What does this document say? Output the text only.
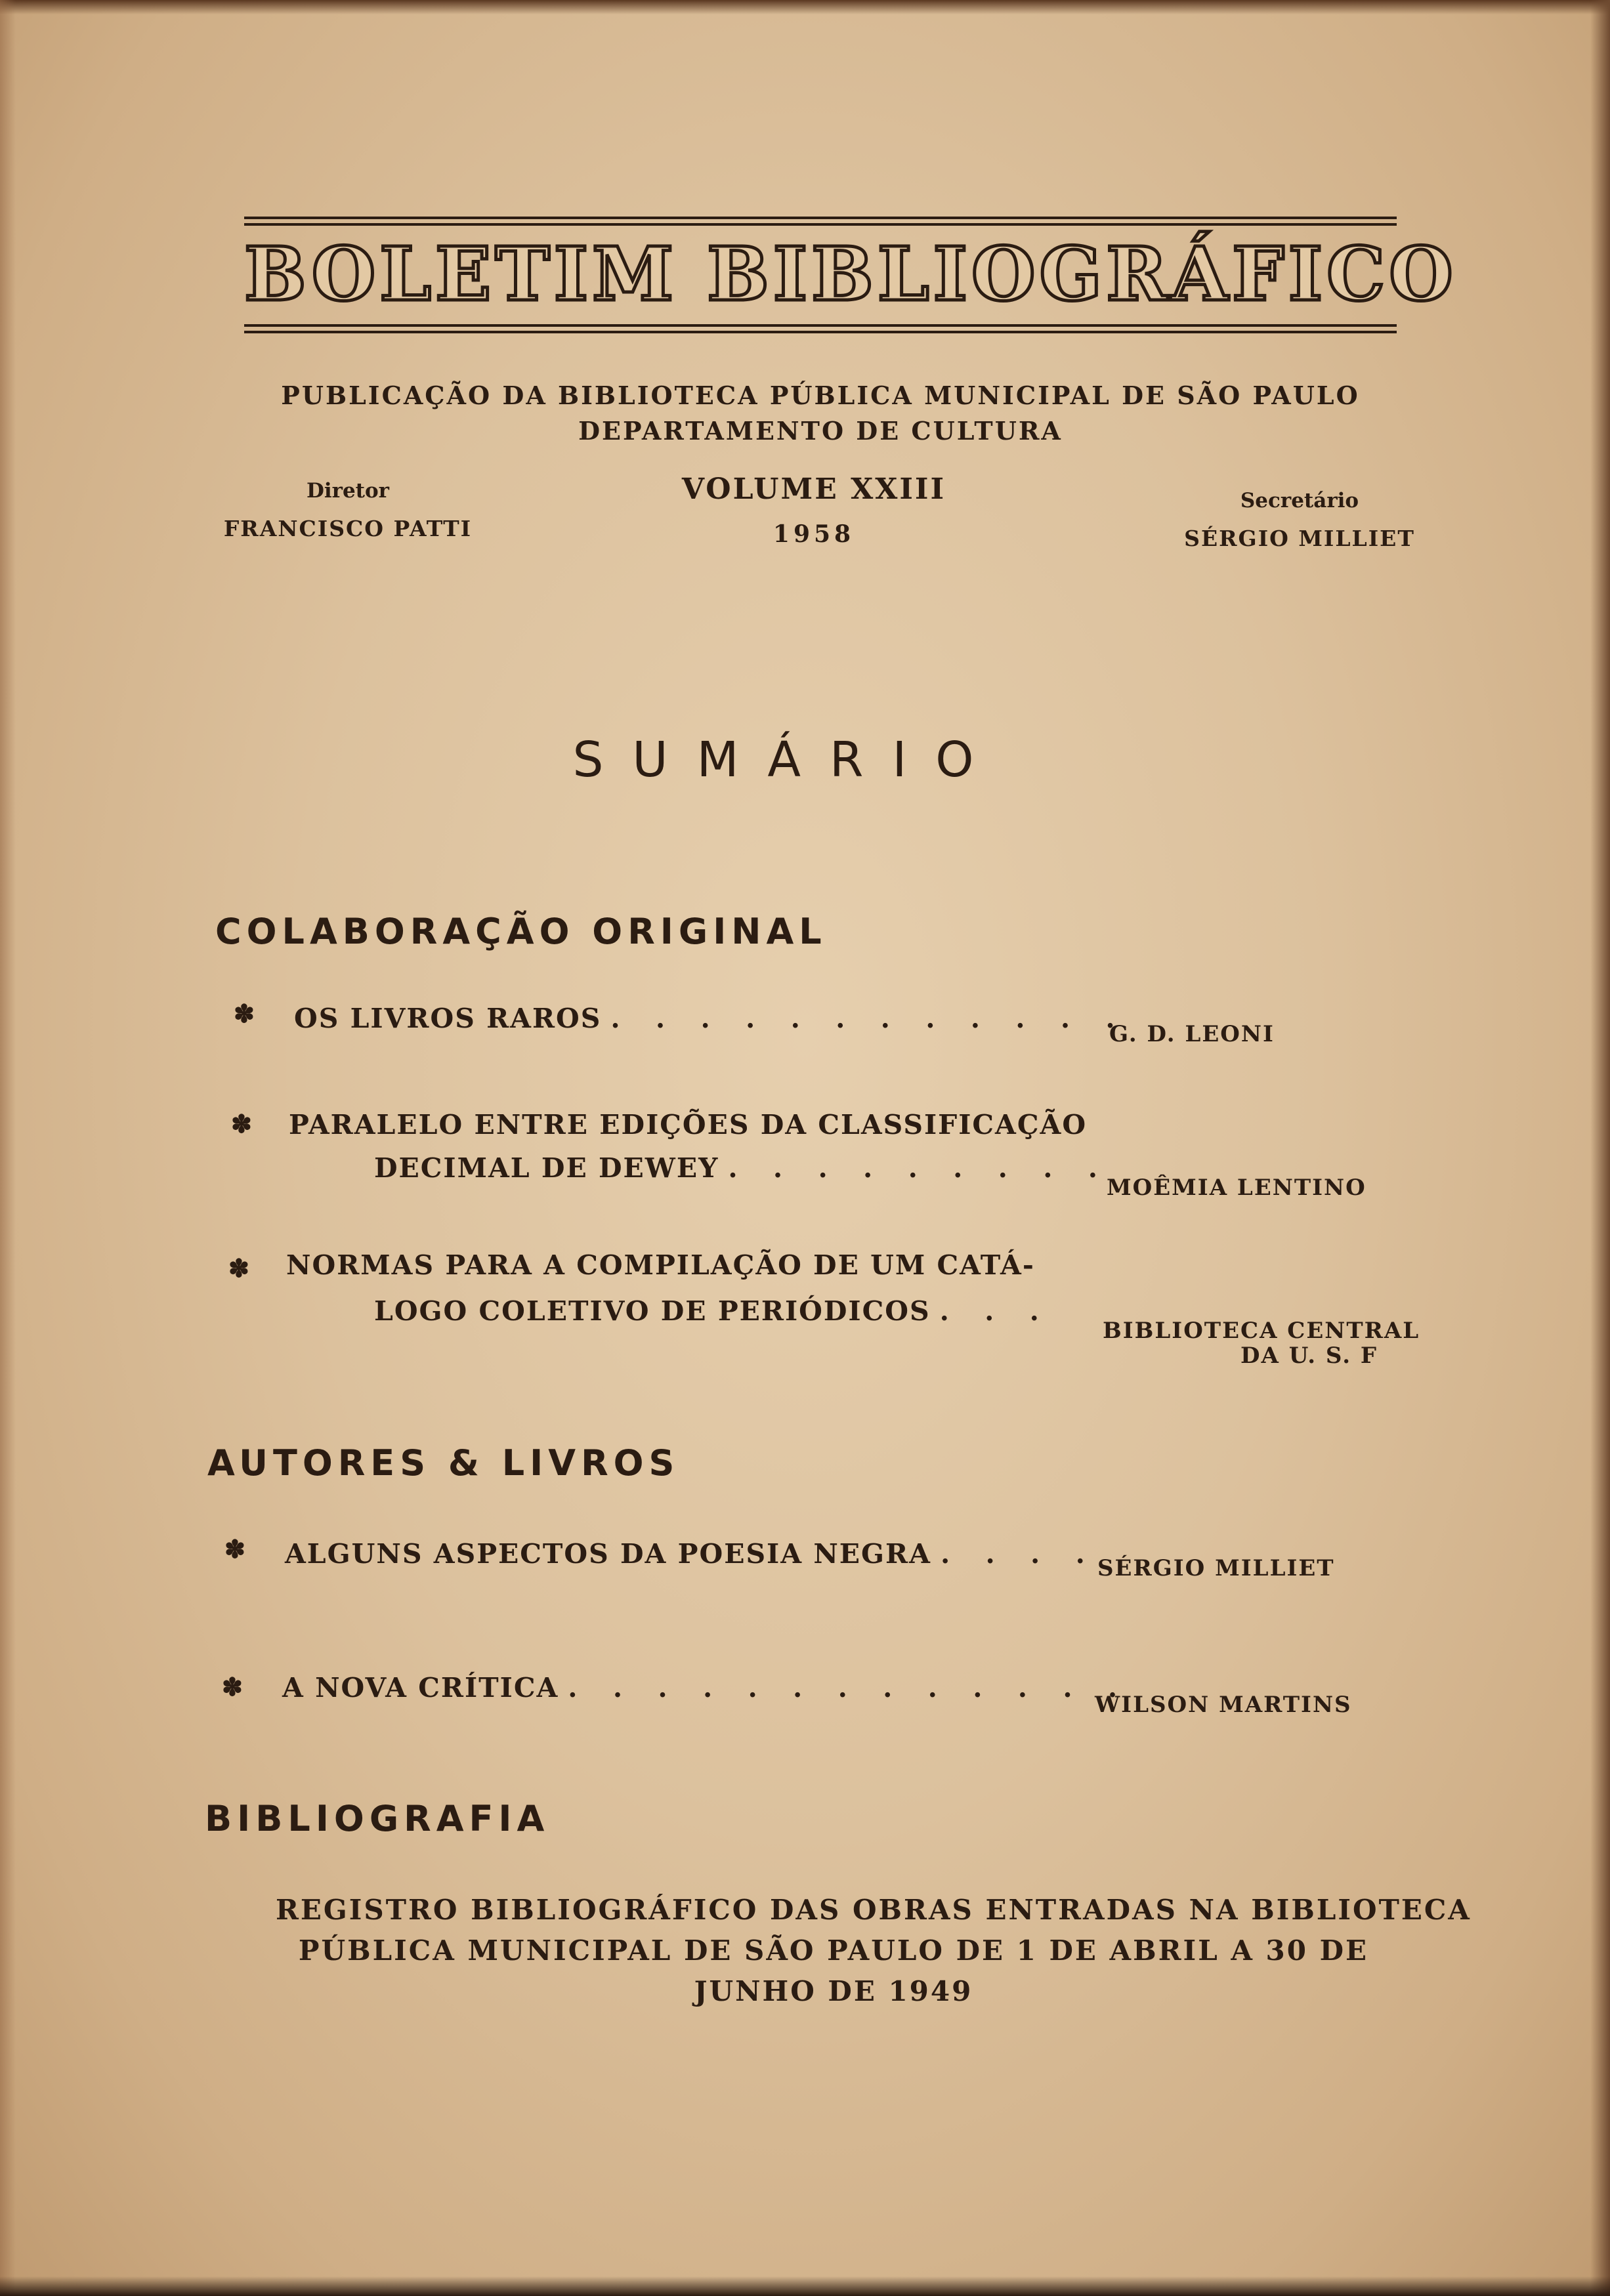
BOLETIM BIBLIOGRÁFICO
PUBLICAÇÃO DA BIBLIOTECA PÚBLICA MUNICIPAL DE SÃO PAULO
DEPARTAMENTO DE CULTURA
Diretor
FRANCISCO PATTI
VOLUME XXIII
1958
Secretário
SÉRGIO MILLIET
SUMÁRIO
COLABORAÇÃO ORIGINAL
✽ OS LIVROS RAROS . . . . . . . . . . . .
G. D. LEONI
✽ PARALELO ENTRE EDIÇÕES DA CLASSIFICAÇÃO
DECIMAL DE DEWEY . . . . . . . . .
MOÊMIA LENTINO
✽ NORMAS PARA A COMPILAÇÃO DE UM CATÁ-
LOGO COLETIVO DE PERIÓDICOS . . .
BIBLIOTECA CENTRAL
DA U. S. F
AUTORES & LIVROS
✽ ALGUNS ASPECTOS DA POESIA NEGRA . . . . SÉRGIO MILLIET
✽ A NOVA CRÍTICA . . . . . . . . . . . . .
WILSON MARTINS
BIBLIOGRAFIA
REGISTRO BIBLIOGRÁFICO DAS OBRAS ENTRADAS NA BIBLIOTECA
PÚBLICA MUNICIPAL DE SÃO PAULO DE 1 DE ABRIL A 30 DE
JUNHO DE 1949
